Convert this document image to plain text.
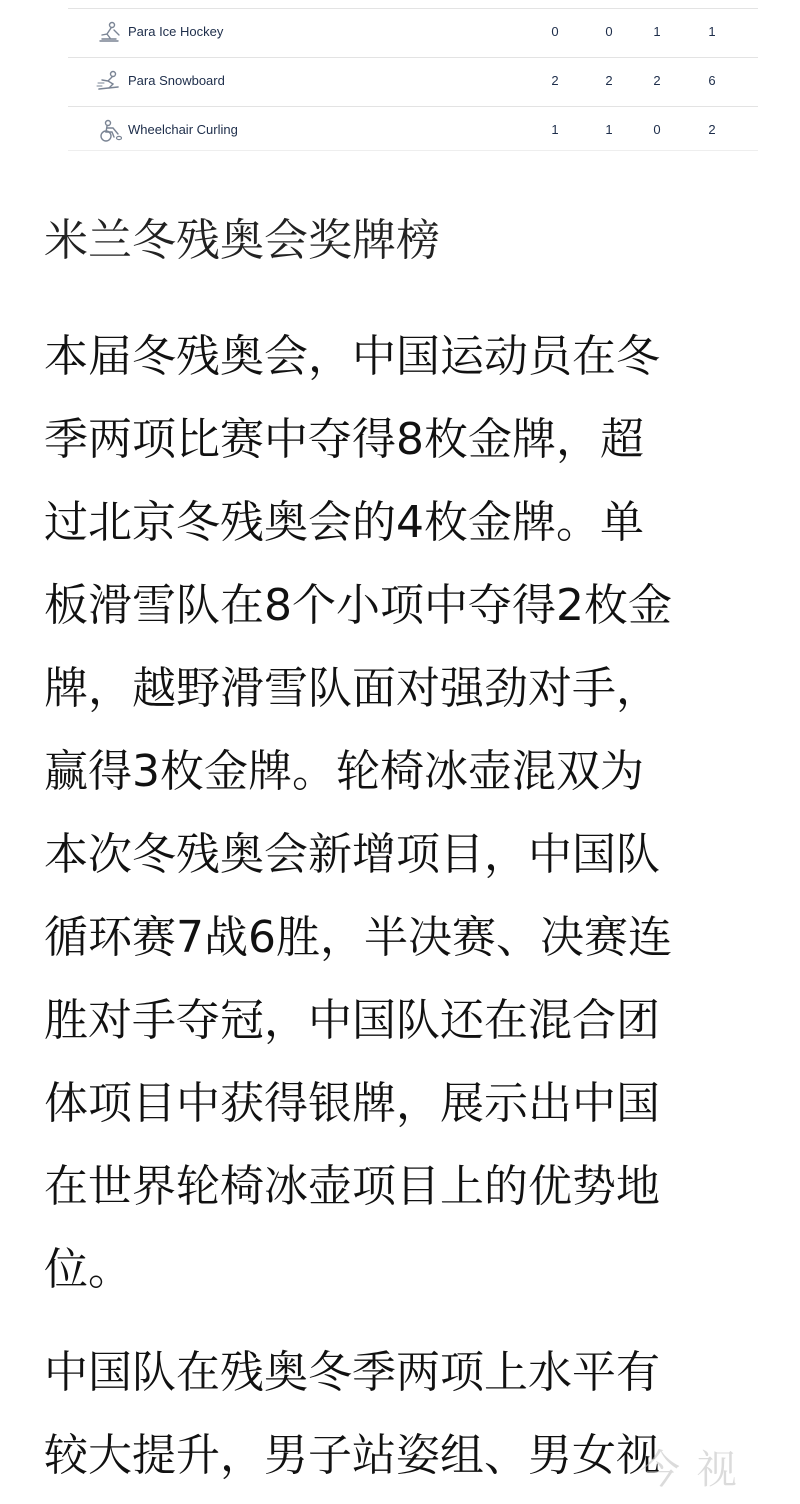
Para Ice Hockey	0	0	1	1
Para Snowboard	2	2	2	6
Wheelchair Curling	1	1	0	2
米兰冬残奥会奖牌榜

本届冬残奥会，中国运动员在冬
季两项比赛中夺得8枚金牌，超
过北京冬残奥会的4枚金牌。单
板滑雪队在8个小项中夺得2枚金
牌，越野滑雪队面对强劲对手，
赢得3枚金牌。轮椅冰壶混双为
本次冬残奥会新增项目，中国队
循环赛7战6胜，半决赛、决赛连
胜对手夺冠，中国队还在混合团
体项目中获得银牌，展示出中国
在世界轮椅冰壶项目上的优势地
位。

中国队在残奥冬季两项上水平有
较大提升，男子站姿组、男女视

今 视
